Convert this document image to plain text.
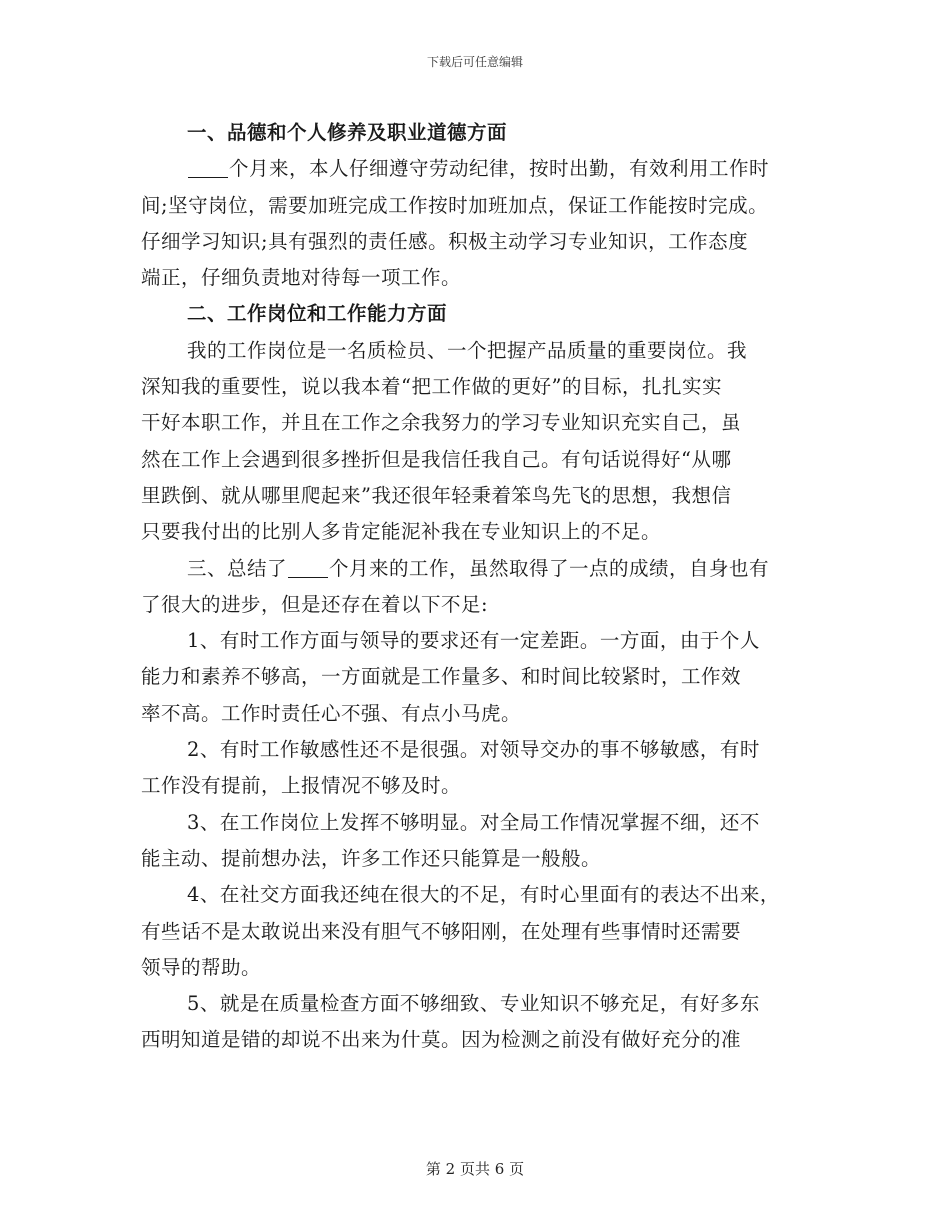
下载后可任意编辑
一、品德和个人修养及职业道德方面
个月来，本人仔细遵守劳动纪律，按时出勤，有效利用工作时
间;坚守岗位，需要加班完成工作按时加班加点，保证工作能按时完成。
仔细学习知识;具有强烈的责任感。积极主动学习专业知识，工作态度
端正，仔细负责地对待每一项工作。
二、工作岗位和工作能力方面
我的工作岗位是一名质检员、一个把握产品质量的重要岗位。我
深知我的重要性，说以我本着“把工作做的更好”的目标，扎扎实实
干好本职工作，并且在工作之余我努力的学习专业知识充实自己，虽
然在工作上会遇到很多挫折但是我信任我自己。有句话说得好“从哪
里跌倒、就从哪里爬起来”我还很年轻秉着笨鸟先飞的思想，我想信
只要我付出的比别人多肯定能泥补我在专业知识上的不足。
三、总结了 个月来的工作，虽然取得了一点的成绩，自身也有
了很大的进步，但是还存在着以下不足:
1、有时工作方面与领导的要求还有一定差距。一方面，由于个人
能力和素养不够高，一方面就是工作量多、和时间比较紧时，工作效
率不高。工作时责任心不强、有点小马虎。
2、有时工作敏感性还不是很强。对领导交办的事不够敏感，有时
工作没有提前，上报情况不够及时。
3、在工作岗位上发挥不够明显。对全局工作情况掌握不细，还不
能主动、提前想办法，许多工作还只能算是一般般。
4、在社交方面我还纯在很大的不足，有时心里面有的表达不出来，
有些话不是太敢说出来没有胆气不够阳刚，在处理有些事情时还需要
领导的帮助。
5、就是在质量检查方面不够细致、专业知识不够充足，有好多东
西明知道是错的却说不出来为什莫。因为检测之前没有做好充分的准
第 2 页共 6 页
